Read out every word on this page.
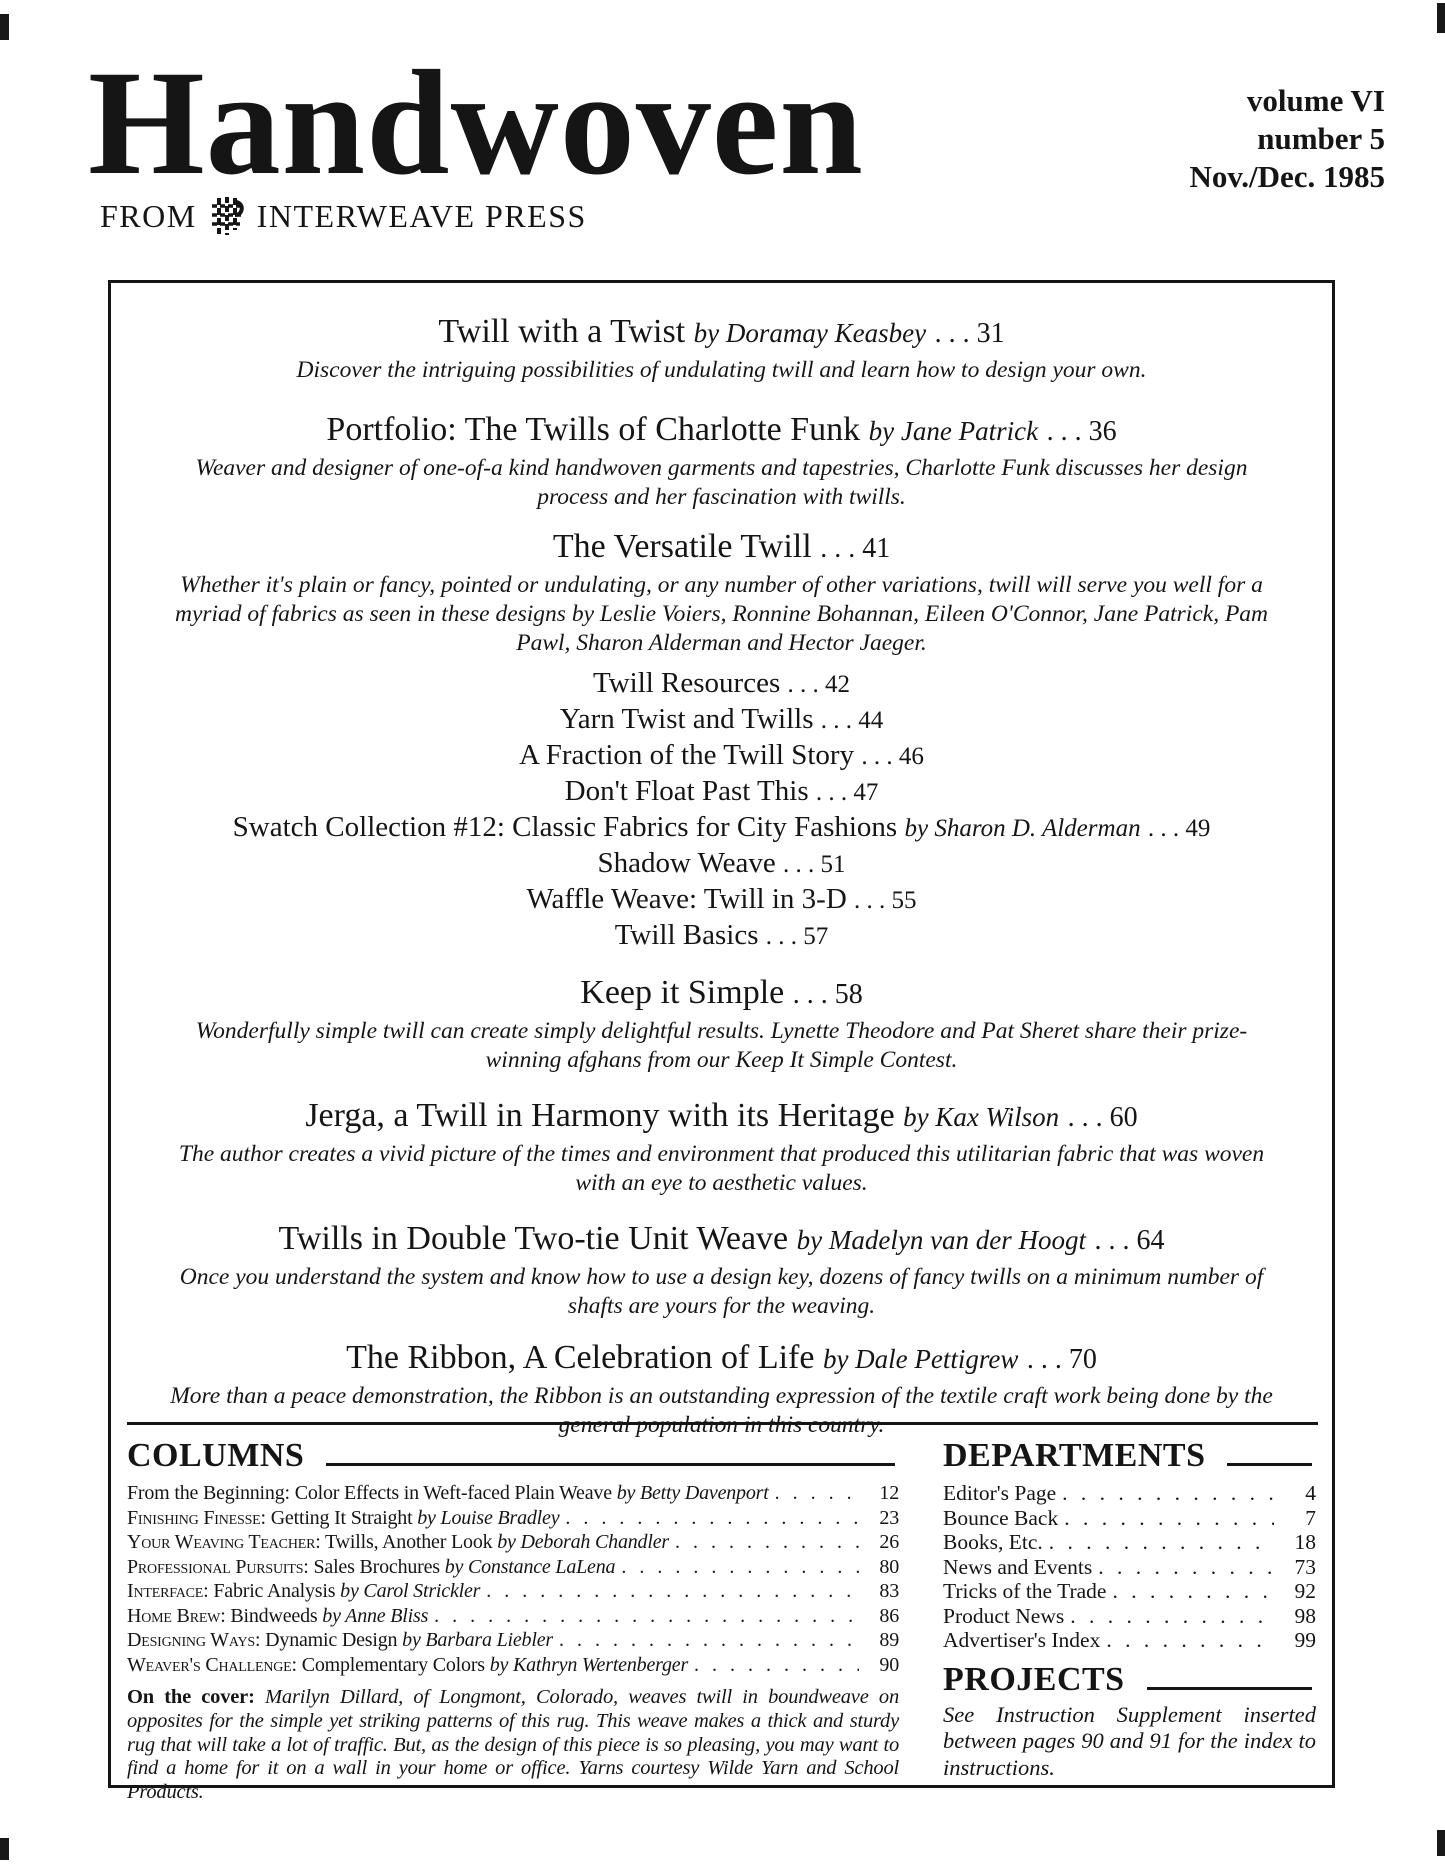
Handwoven
FROM INTERWEAVE PRESS
volume VI
number 5
Nov./Dec. 1985
Twill with a Twist by Doramay Keasbey . . . 31
Discover the intriguing possibilities of undulating twill and learn how to design your own.
Portfolio: The Twills of Charlotte Funk by Jane Patrick . . . 36
Weaver and designer of one-of-a kind handwoven garments and tapestries, Charlotte Funk discusses her design process and her fascination with twills.
The Versatile Twill . . . 41
Whether it's plain or fancy, pointed or undulating, or any number of other variations, twill will serve you well for a myriad of fabrics as seen in these designs by Leslie Voiers, Ronnine Bohannan, Eileen O'Connor, Jane Patrick, Pam Pawl, Sharon Alderman and Hector Jaeger.
Twill Resources . . . 42
Yarn Twist and Twills . . . 44
A Fraction of the Twill Story . . . 46
Don't Float Past This . . . 47
Swatch Collection #12: Classic Fabrics for City Fashions by Sharon D. Alderman . . . 49
Shadow Weave . . . 51
Waffle Weave: Twill in 3-D . . . 55
Twill Basics . . . 57
Keep it Simple . . . 58
Wonderfully simple twill can create simply delightful results. Lynette Theodore and Pat Sheret share their prize-winning afghans from our Keep It Simple Contest.
Jerga, a Twill in Harmony with its Heritage by Kax Wilson . . . 60
The author creates a vivid picture of the times and environment that produced this utilitarian fabric that was woven with an eye to aesthetic values.
Twills in Double Two-tie Unit Weave by Madelyn van der Hoogt . . . 64
Once you understand the system and know how to use a design key, dozens of fancy twills on a minimum number of shafts are yours for the weaving.
The Ribbon, A Celebration of Life by Dale Pettigrew . . . 70
More than a peace demonstration, the Ribbon is an outstanding expression of the textile craft work being done by the general population in this country.
COLUMNS
From the Beginning: Color Effects in Weft-faced Plain Weave by Betty Davenport . . .	12
Finishing Finesse: Getting It Straight by Louise Bradley . . .	23
Your Weaving Teacher: Twills, Another Look by Deborah Chandler . . .	26
Professional Pursuits: Sales Brochures by Constance LaLena . . .	80
Interface: Fabric Analysis by Carol Strickler . . .	83
Home Brew: Bindweeds by Anne Bliss . . .	86
Designing Ways: Dynamic Design by Barbara Liebler . . .	89
Weaver's Challenge: Complementary Colors by Kathryn Wertenberger . . .	90

On the cover: Marilyn Dillard, of Longmont, Colorado, weaves twill in boundweave on opposites for the simple yet striking patterns of this rug. This weave makes a thick and sturdy rug that will take a lot of traffic. But, as the design of this piece is so pleasing, you may want to find a home for it on a wall in your home or office. Yarns courtesy Wilde Yarn and School Products.

DEPARTMENTS
Editor's Page . . .	4
Bounce Back . . .	7
Books, Etc. . . .	18
News and Events . . .	73
Tricks of the Trade . . .	92
Product News . . .	98
Advertiser's Index . . .	99
PROJECTS

See Instruction Supplement inserted between pages 90 and 91 for the index to instructions.
